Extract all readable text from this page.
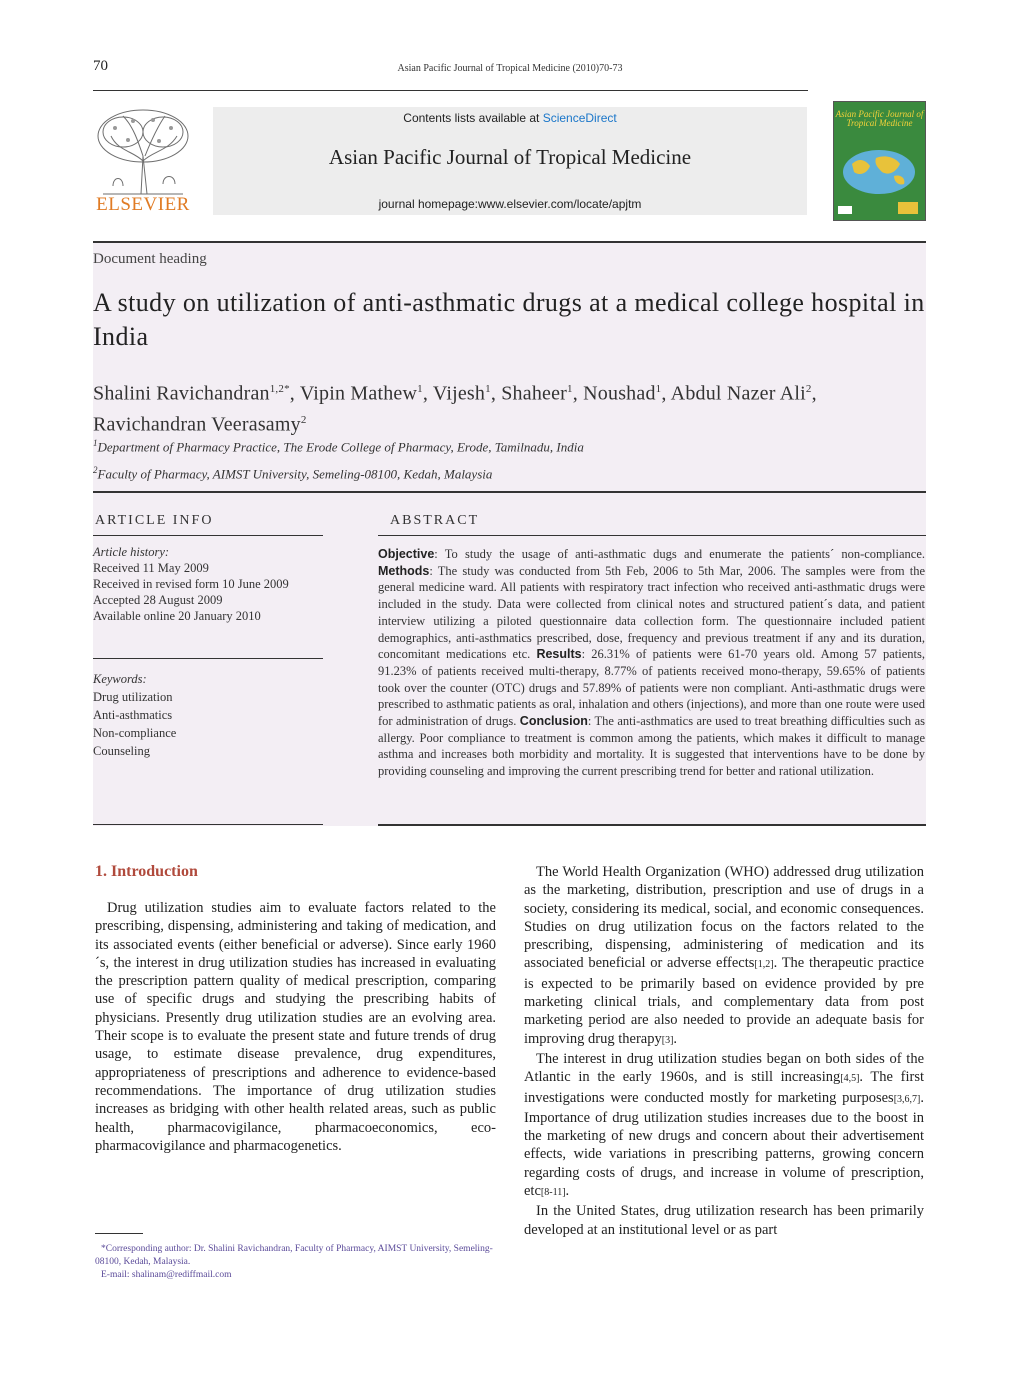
70	Asian Pacific Journal of Tropical Medicine (2010)70-73
ELSEVIER
Contents lists available at ScienceDirect
Asian Pacific Journal of Tropical Medicine
journal homepage:www.elsevier.com/locate/apjtm
Asian Pacific Journal of Tropical Medicine
Document heading
A study on utilization of anti-asthmatic drugs at a medical college hospital in India
Shalini Ravichandran$^{1,2*}$, Vipin Mathew$^1$, Vijesh$^1$, Shaheer$^1$, Noushad$^1$, Abdul Nazer Ali$^2$,
Ravichandran Veerasamy$^2$
$^1$Department of Pharmacy Practice, The Erode College of Pharmacy, Erode, Tamilnadu, India
$^2$Faculty of Pharmacy, AIMST University, Semeling-08100, Kedah, Malaysia
ARTICLE INFO
Article history:
Received 11 May 2009
Received in revised form 10 June 2009
Accepted 28 August 2009
Available online 20 January 2010
Keywords:
Drug utilization
Anti-asthmatics
Non-compliance
Counseling
ABSTRACT
Objective: To study the usage of anti-asthmatic dugs and enumerate the patients´ non-compliance. Methods: The study was conducted from 5th Feb, 2006 to 5th Mar, 2006. The samples were from the general medicine ward. All patients with respiratory tract infection who received anti-asthmatic drugs were included in the study. Data were collected from clinical notes and structured patient´s data, and patient interview utilizing a piloted questionnaire data collection form. The questionnaire included patient demographics, anti-asthmatics prescribed, dose, frequency and previous treatment if any and its duration, concomitant medications etc. Results: 26.31% of patients were 61-70 years old. Among 57 patients, 91.23% of patients received multi-therapy, 8.77% of patients received mono-therapy, 59.65% of patients took over the counter (OTC) drugs and 57.89% of patients were non compliant. Anti-asthmatic drugs were prescribed to asthmatic patients as oral, inhalation and others (injections), and more than one route were used for administration of drugs. Conclusion: The anti-asthmatics are used to treat breathing difficulties such as allergy. Poor compliance to treatment is common among the patients, which makes it difficult to manage asthma and increases both morbidity and mortality. It is suggested that interventions have to be done by providing counseling and improving the current prescribing trend for better and rational utilization.
1. Introduction

Drug utilization studies aim to evaluate factors related to the prescribing, dispensing, administering and taking of medication, and its associated events (either beneficial or adverse). Since early 1960´s, the interest in drug utilization studies has increased in evaluating the prescription pattern quality of medical prescription, comparing use of specific drugs and studying the prescribing habits of physicians. Presently drug utilization studies are an evolving area. Their scope is to evaluate the present state and future trends of drug usage, to estimate disease prevalence, drug expenditures, appropriateness of prescriptions and adherence to evidence-based recommendations. The importance of drug utilization studies increases as bridging with other health related areas, such as public health, pharmacovigilance, pharmacoeconomics, eco-pharmacovigilance and pharmacogenetics.

The World Health Organization (WHO) addressed drug utilization as the marketing, distribution, prescription and use of drugs in a society, considering its medical, social, and economic consequences. Studies on drug utilization focus on the factors related to the prescribing, dispensing, administering of medication and its associated beneficial or adverse effects[1,2]. The therapeutic practice is expected to be primarily based on evidence provided by pre marketing clinical trials, and complementary data from post marketing period are also needed to provide an adequate basis for improving drug therapy[3].

The interest in drug utilization studies began on both sides of the Atlantic in the early 1960s, and is still increasing[4,5]. The first investigations were conducted mostly for marketing purposes[3,6,7]. Importance of drug utilization studies increases due to the boost in the marketing of new drugs and concern about their advertisement effects, wide variations in prescribing patterns, growing concern regarding costs of drugs, and increase in volume of prescription, etc[8-11].

In the United States, drug utilization research has been primarily developed at an institutional level or as part

*Corresponding author: Dr. Shalini Ravichandran, Faculty of Pharmacy, AIMST University, Semeling-08100, Kedah, Malaysia.

E-mail: shalinam@rediffmail.com
